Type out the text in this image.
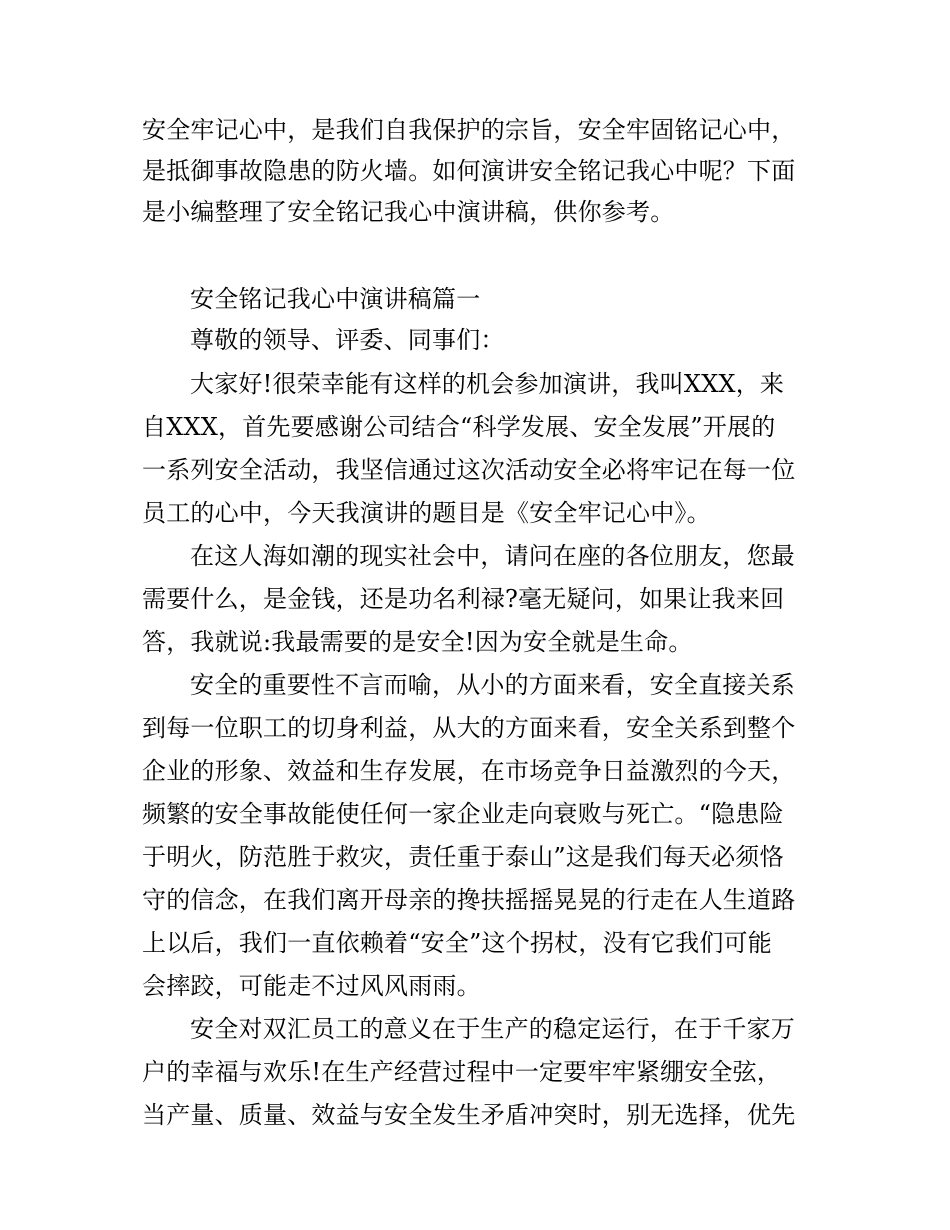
安全牢记心中，是我们自我保护的宗旨，安全牢固铭记心中，
是抵御事故隐患的防火墙。如何演讲安全铭记我心中呢？下面
是小编整理了安全铭记我心中演讲稿，供你参考。
安全铭记我心中演讲稿篇一
尊敬的领导、评委、同事们：
大家好!很荣幸能有这样的机会参加演讲，我叫XXX，来
自XXX，首先要感谢公司结合“科学发展、安全发展”开展的
一系列安全活动，我坚信通过这次活动安全必将牢记在每一位
员工的心中，今天我演讲的题目是《安全牢记心中》。
在这人海如潮的现实社会中，请问在座的各位朋友，您最
需要什么，是金钱，还是功名利禄?毫无疑问，如果让我来回
答，我就说:我最需要的是安全!因为安全就是生命。
安全的重要性不言而喻，从小的方面来看，安全直接关系
到每一位职工的切身利益，从大的方面来看，安全关系到整个
企业的形象、效益和生存发展，在市场竞争日益激烈的今天，
频繁的安全事故能使任何一家企业走向衰败与死亡。“隐患险
于明火，防范胜于救灾，责任重于泰山”这是我们每天必须恪
守的信念，在我们离开母亲的搀扶摇摇晃晃的行走在人生道路
上以后，我们一直依赖着“安全”这个拐杖，没有它我们可能
会摔跤，可能走不过风风雨雨。
安全对双汇员工的意义在于生产的稳定运行，在于千家万
户的幸福与欢乐!在生产经营过程中一定要牢牢紧绷安全弦，
当产量、质量、效益与安全发生矛盾冲突时，别无选择，优先
